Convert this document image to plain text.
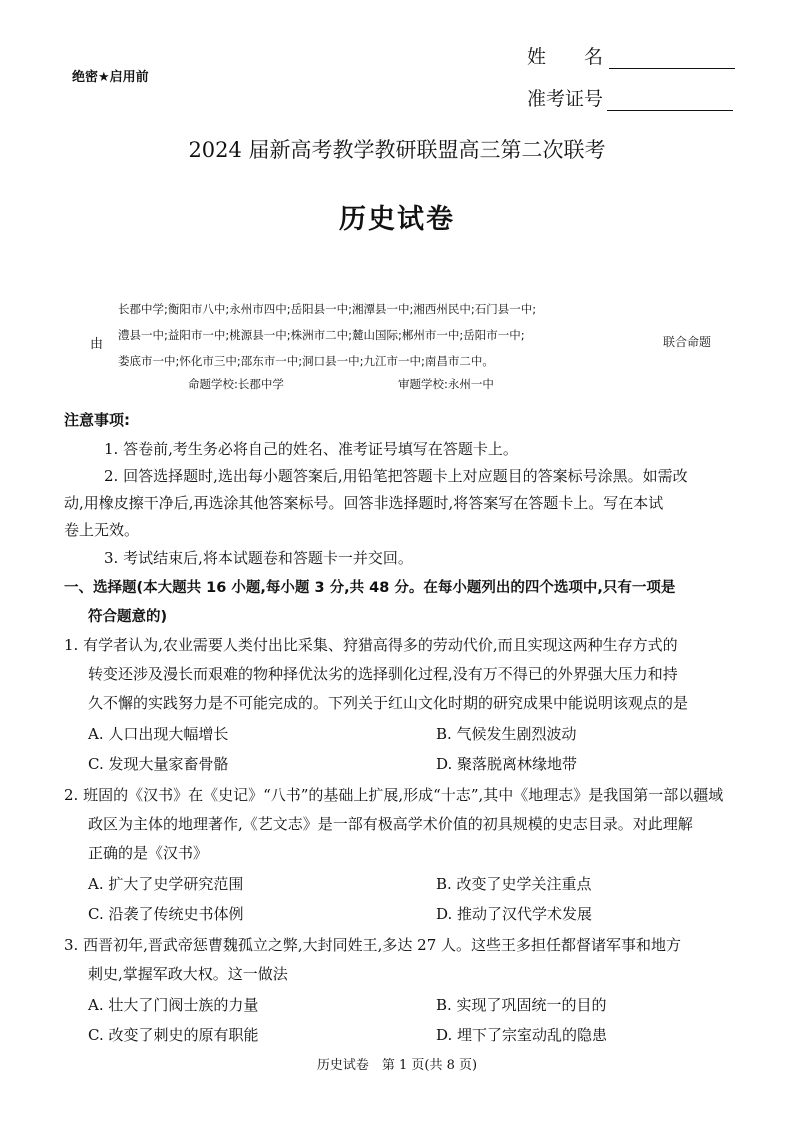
绝密★启用前
姓　　名
准考证号
2024 届新高考教学教研联盟高三第二次联考
历史试卷
由
长郡中学;衡阳市八中;永州市四中;岳阳县一中;湘潭县一中;湘西州民中;石门县一中;
澧县一中;益阳市一中;桃源县一中;株洲市二中;麓山国际;郴州市一中;岳阳市一中;
娄底市一中;怀化市三中;邵东市一中;洞口县一中;九江市一中;南昌市二中。
联合命题
命题学校:长郡中学	审题学校:永州一中
注意事项:
1. 答卷前,考生务必将自己的姓名、准考证号填写在答题卡上。
2. 回答选择题时,选出每小题答案后,用铅笔把答题卡上对应题目的答案标号涂黑。如需改
动,用橡皮擦干净后,再选涂其他答案标号。回答非选择题时,将答案写在答题卡上。写在本试
卷上无效。
3. 考试结束后,将本试题卷和答题卡一并交回。
一、选择题(本大题共 16 小题,每小题 3 分,共 48 分。在每小题列出的四个选项中,只有一项是
符合题意的)
1. 有学者认为,农业需要人类付出比采集、狩猎高得多的劳动代价,而且实现这两种生存方式的
转变还涉及漫长而艰难的物种择优汰劣的选择驯化过程,没有万不得已的外界强大压力和持
久不懈的实践努力是不可能完成的。下列关于红山文化时期的研究成果中能说明该观点的是
A. 人口出现大幅增长	B. 气候发生剧烈波动
C. 发现大量家畜骨骼	D. 聚落脱离林缘地带
2. 班固的《汉书》在《史记》“八书”的基础上扩展,形成“十志”,其中《地理志》是我国第一部以疆域
政区为主体的地理著作,《艺文志》是一部有极高学术价值的初具规模的史志目录。对此理解
正确的是《汉书》
A. 扩大了史学研究范围	B. 改变了史学关注重点
C. 沿袭了传统史书体例	D. 推动了汉代学术发展
3. 西晋初年,晋武帝惩曹魏孤立之弊,大封同姓王,多达 27 人。这些王多担任都督诸军事和地方
刺史,掌握军政大权。这一做法
A. 壮大了门阀士族的力量	B. 实现了巩固统一的目的
C. 改变了刺史的原有职能	D. 埋下了宗室动乱的隐患
历史试卷　第 1 页(共 8 页)
